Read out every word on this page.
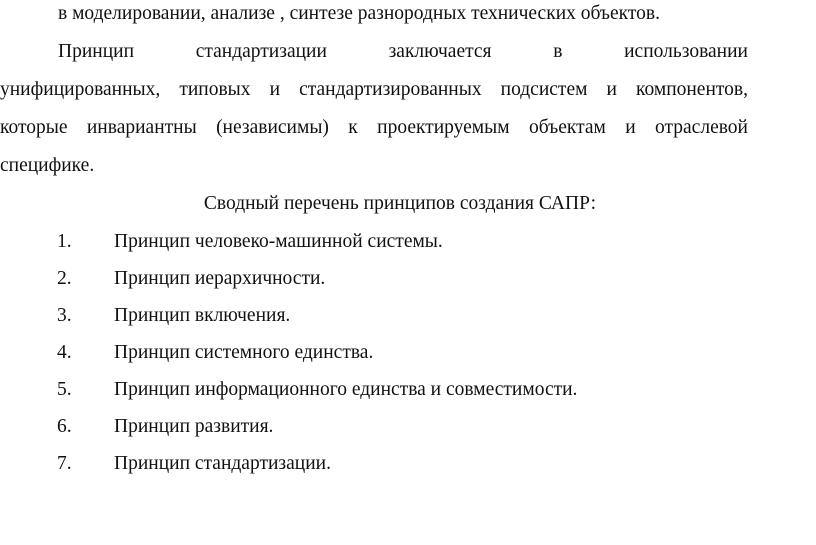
в моделировании, анализе , синтезе разнородных технических объектов.
Принцип стандартизации заключается в использовании
унифицированных, типовых и стандартизированных подсистем и компонентов,
которые инвариантны (независимы) к проектируемым объектам и отраслевой
специфике.
Сводный перечень принципов создания САПР:
1. Принцип человеко-машинной системы.
2. Принцип иерархичности.
3. Принцип включения.
4. Принцип системного единства.
5. Принцип информационного единства и совместимости.
6. Принцип развития.
7. Принцип стандартизации.
